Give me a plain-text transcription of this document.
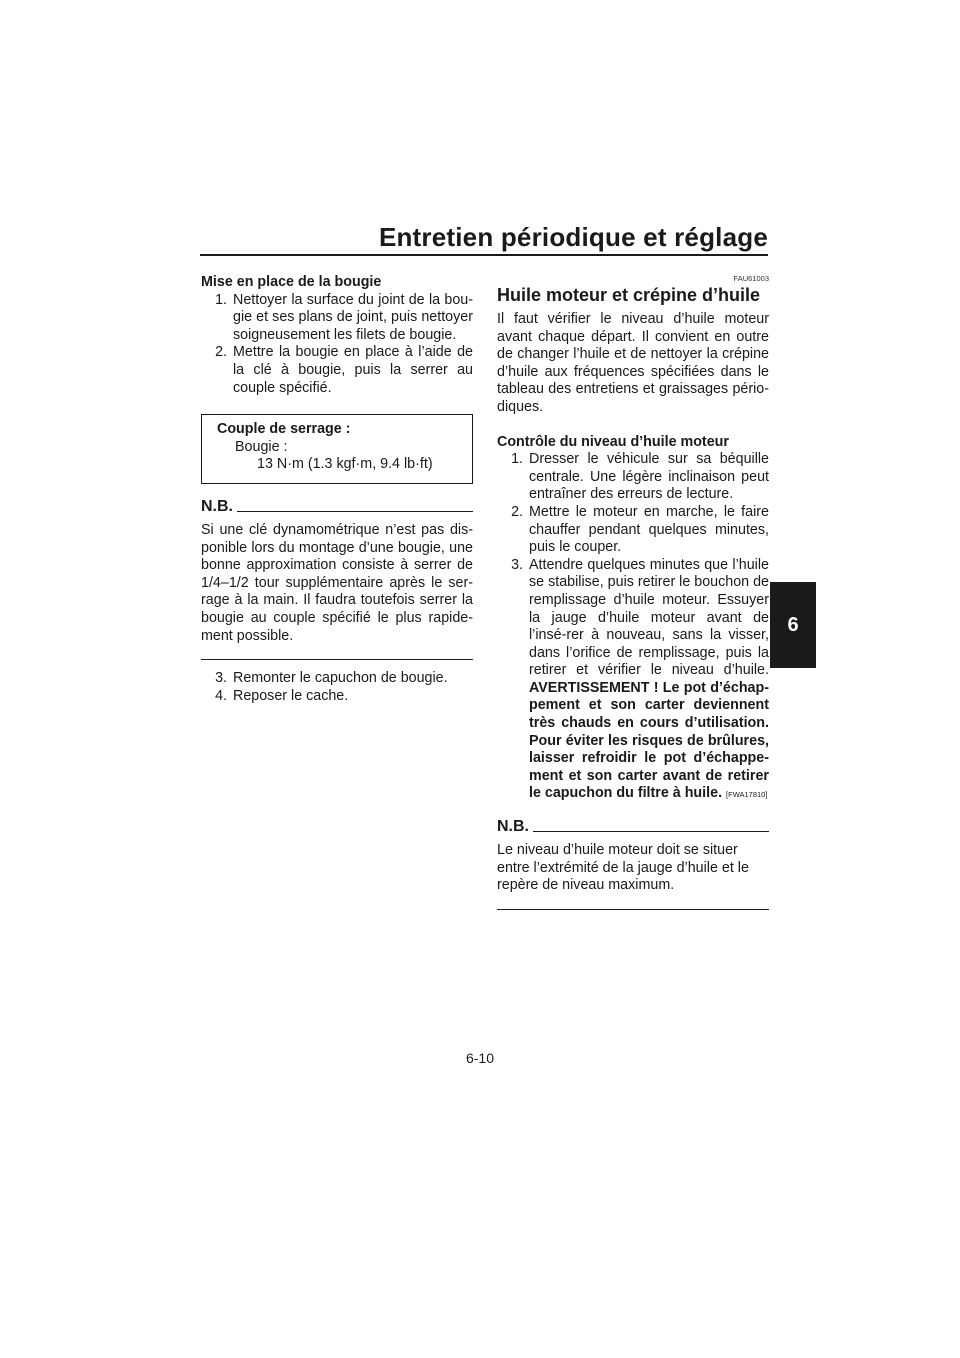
Entretien périodique et réglage
6
Mise en place de la bougie
1. Nettoyer la surface du joint de la bou-gie et ses plans de joint, puis nettoyer soigneusement les filets de bougie.
2. Mettre la bougie en place à l’aide de la clé à bougie, puis la serrer au couple spécifié.
Couple de serrage :
Bougie :
13 N·m (1.3 kgf·m, 9.4 lb·ft)
N.B.
Si une clé dynamométrique n’est pas dis-ponible lors du montage d’une bougie, une bonne approximation consiste à serrer de 1/4–1/2 tour supplémentaire après le ser-rage à la main. Il faudra toutefois serrer la bougie au couple spécifié le plus rapide-ment possible.
3. Remonter le capuchon de bougie.
4. Reposer le cache.
FAU61003
Huile moteur et crépine d’huile
Il faut vérifier le niveau d’huile moteur avant chaque départ. Il convient en outre de changer l’huile et de nettoyer la crépine d’huile aux fréquences spécifiées dans le tableau des entretiens et graissages pério-diques.
Contrôle du niveau d’huile moteur
1. Dresser le véhicule sur sa béquille centrale. Une légère inclinaison peut entraîner des erreurs de lecture.
2. Mettre le moteur en marche, le faire chauffer pendant quelques minutes, puis le couper.
3. Attendre quelques minutes que l’huile se stabilise, puis retirer le bouchon de remplissage d’huile moteur. Essuyer la jauge d’huile moteur avant de l’insé-rer à nouveau, sans la visser, dans l’orifice de remplissage, puis la retirer et vérifier le niveau d’huile. AVERTISSEMENT ! Le pot d’échap-pement et son carter deviennent très chauds en cours d’utilisation. Pour éviter les risques de brûlures, laisser refroidir le pot d’échappe-ment et son carter avant de retirer le capuchon du filtre à huile. [FWA17810]
N.B.
Le niveau d’huile moteur doit se situer entre l’extrémité de la jauge d’huile et le repère de niveau maximum.
6-10
